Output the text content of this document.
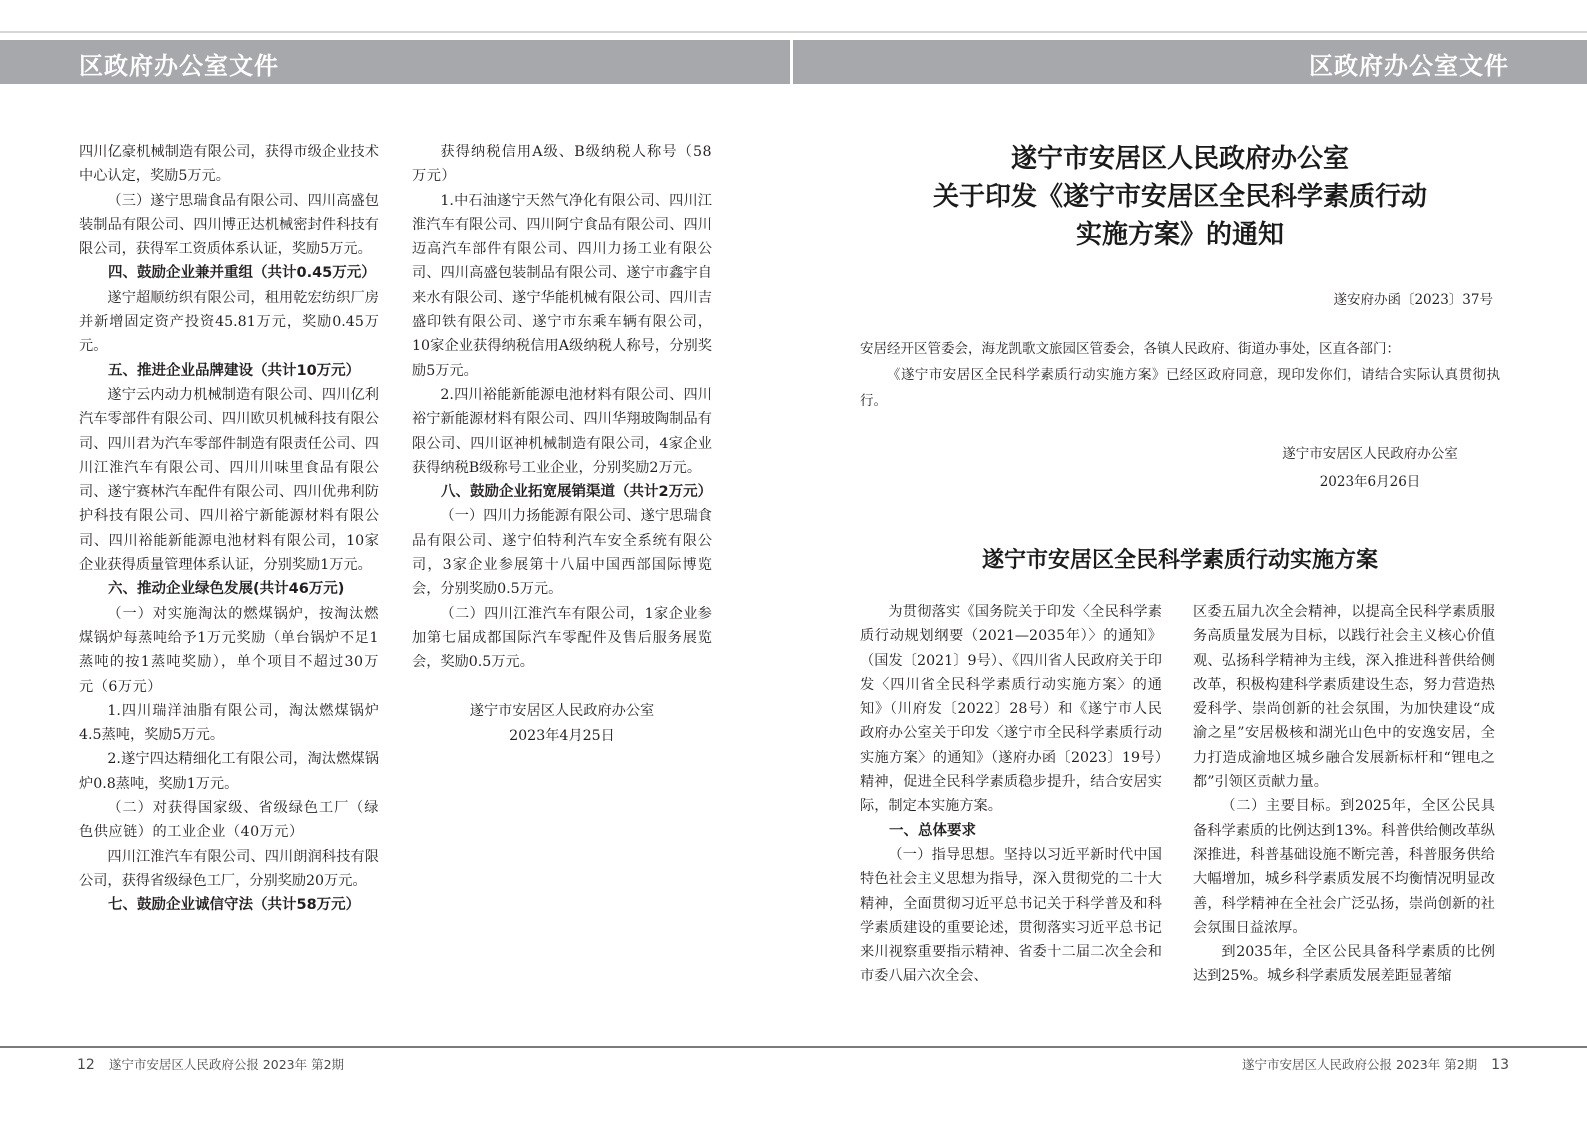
区政府办公室文件	区政府办公室文件

四川亿豪机械制造有限公司，获得市级企业技术中心认定，奖励5万元。

（三）遂宁思瑞食品有限公司、四川高盛包装制品有限公司、四川博正达机械密封件科技有限公司，获得军工资质体系认证，奖励5万元。

四、鼓励企业兼并重组（共计0.45万元）

遂宁超顺纺织有限公司，租用乾宏纺织厂房并新增固定资产投资45.81万元，奖励0.45万元。

五、推进企业品牌建设（共计10万元）

遂宁云内动力机械制造有限公司、四川亿利汽车零部件有限公司、四川欧贝机械科技有限公司、四川君为汽车零部件制造有限责任公司、四川江淮汽车有限公司、四川川味里食品有限公司、遂宁赛林汽车配件有限公司、四川优弗利防护科技有限公司、四川裕宁新能源材料有限公司、四川裕能新能源电池材料有限公司，10家企业获得质量管理体系认证，分别奖励1万元。

六、推动企业绿色发展(共计46万元)

（一）对实施淘汰的燃煤锅炉，按淘汰燃煤锅炉每蒸吨给予1万元奖励（单台锅炉不足1蒸吨的按1蒸吨奖励），单个项目不超过30万元（6万元）

1.四川瑞洋油脂有限公司，淘汰燃煤锅炉4.5蒸吨，奖励5万元。

2.遂宁四达精细化工有限公司，淘汰燃煤锅炉0.8蒸吨，奖励1万元。

（二）对获得国家级、省级绿色工厂（绿色供应链）的工业企业（40万元）

四川江淮汽车有限公司、四川朗润科技有限公司，获得省级绿色工厂，分别奖励20万元。

七、鼓励企业诚信守法（共计58万元）

获得纳税信用A级、B级纳税人称号（58万元）

1.中石油遂宁天然气净化有限公司、四川江淮汽车有限公司、四川阿宁食品有限公司、四川迈高汽车部件有限公司、四川力扬工业有限公司、四川高盛包装制品有限公司、遂宁市鑫宇自来水有限公司、遂宁华能机械有限公司、四川吉盛印铁有限公司、遂宁市东乘车辆有限公司，10家企业获得纳税信用A级纳税人称号，分别奖励5万元。

2.四川裕能新能源电池材料有限公司、四川裕宁新能源材料有限公司、四川华翔玻陶制品有限公司、四川讴神机械制造有限公司，4家企业获得纳税B级称号工业企业，分别奖励2万元。

八、鼓励企业拓宽展销渠道（共计2万元）

（一）四川力扬能源有限公司、遂宁思瑞食品有限公司、遂宁伯特利汽车安全系统有限公司，3家企业参展第十八届中国西部国际博览会，分别奖励0.5万元。

（二）四川江淮汽车有限公司，1家企业参加第七届成都国际汽车零配件及售后服务展览会，奖励0.5万元。

遂宁市安居区人民政府办公室
2023年4月25日
遂宁市安居区人民政府办公室
关于印发《遂宁市安居区全民科学素质行动
实施方案》的通知
遂安府办函〔2023〕37号

安居经开区管委会，海龙凯歌文旅园区管委会，各镇人民政府、街道办事处，区直各部门：

《遂宁市安居区全民科学素质行动实施方案》已经区政府同意，现印发你们，请结合实际认真贯彻执行。

遂宁市安居区人民政府办公室
2023年6月26日
遂宁市安居区全民科学素质行动实施方案

为贯彻落实《国务院关于印发〈全民科学素质行动规划纲要（2021—2035年）〉的通知》（国发〔2021〕9号）、《四川省人民政府关于印发〈四川省全民科学素质行动实施方案〉的通知》（川府发〔2022〕28号）和《遂宁市人民政府办公室关于印发〈遂宁市全民科学素质行动实施方案〉的通知》（遂府办函〔2023〕19号）精神，促进全民科学素质稳步提升，结合安居实际，制定本实施方案。

一、总体要求

（一）指导思想。坚持以习近平新时代中国特色社会主义思想为指导，深入贯彻党的二十大精神，全面贯彻习近平总书记关于科学普及和科学素质建设的重要论述，贯彻落实习近平总书记来川视察重要指示精神、省委十二届二次全会和市委八届六次全会、

区委五届九次全会精神，以提高全民科学素质服务高质量发展为目标，以践行社会主义核心价值观、弘扬科学精神为主线，深入推进科普供给侧改革，积极构建科学素质建设生态，努力营造热爱科学、崇尚创新的社会氛围，为加快建设“成渝之星”安居极核和湖光山色中的安逸安居，全力打造成渝地区城乡融合发展新标杆和“锂电之都”引领区贡献力量。

（二）主要目标。到2025年，全区公民具备科学素质的比例达到13%。科普供给侧改革纵深推进，科普基础设施不断完善，科普服务供给大幅增加，城乡科学素质发展不均衡情况明显改善，科学精神在全社会广泛弘扬，崇尚创新的社会氛围日益浓厚。

到2035年，全区公民具备科学素质的比例达到25%。城乡科学素质发展差距显著缩

12 遂宁市安居区人民政府公报 2023年 第2期	遂宁市安居区人民政府公报 2023年 第2期 13
